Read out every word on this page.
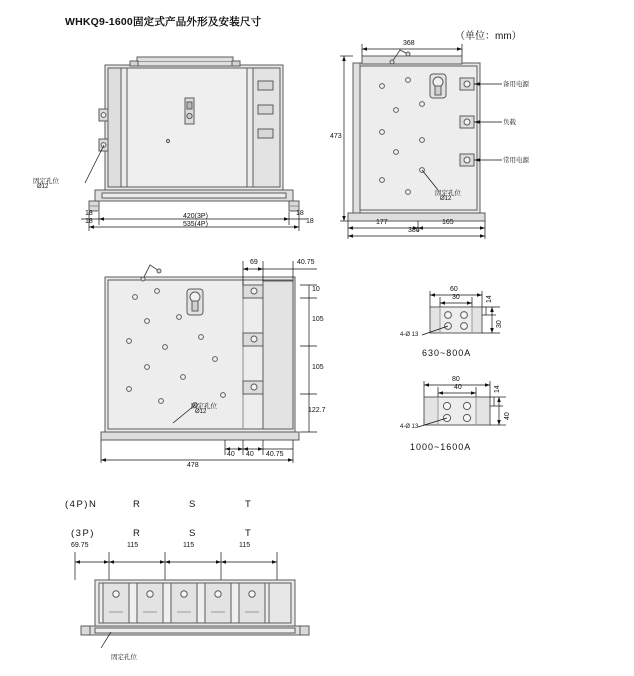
WHKQ9-1600固定式产品外形及安装尺寸
（单位：mm）
420(3P)
535(4P)
18
18
18
18
固定孔位
Ø12
368
473
177	165
380
固定孔位
Ø12
备用电源
负载
常用电源
69	40.75
10
105
105
122.7
40 40 40.75
478
固定孔位
Ø12
60
30	14
30
4-Ø 13
630~800A
80
40	14
40
4-Ø 13
1000~1600A
(4P)N	R	S	T
(3P)	R	S	T
69.75	115	115	115
固定孔位
